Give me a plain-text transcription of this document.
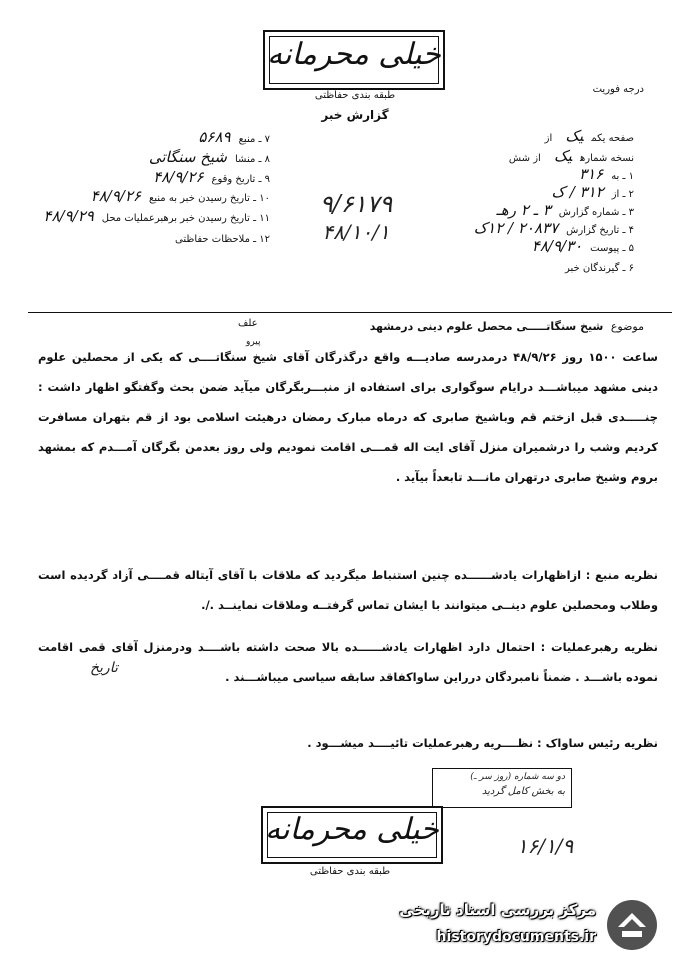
خیلی محرمانه
طبقه بندی حفاظتی
گزارش خبر
درجه فوریت
صفحه یکمیک از
نسخه شمارهیک از شش
۱ ـ به۳۱۶
۲ ـ از۳۱۲ / ک
۳ ـ شماره گزارش۳ ـ ۲ رهـ
۴ ـ تاریخ گزارش۲۰۸۳۷ / ۱۲ک
۵ ـ پیوست۴۸/۹/۳۰
۶ ـ گیرندگان خبر
۷ ـ منبع۵۶۸۹
۸ ـ منشاشیخ سنگاتی
۹ ـ تاریخ وقوع۴۸/۹/۲۶
۱۰ ـ تاریخ رسیدن خبر به منبع۴۸/۹/۲۶
۱۱ ـ تاریخ رسیدن خبر برهبرعملیات محل۴۸/۹/۲۹
۱۲ ـ ملاحظات حفاظتی
۹/۶۱۷۹
۴۸/۱۰/۱
موضوع شیخ سنگاتـــــی محصل علوم دینی درمشهد
علف
پیرو
ساعت ۱۵۰۰ روز ۴۸/۹/۲۶ درمدرسه صادیـــه واقع درگذرگان آقای شیخ سنگاتــــی که یکی از محصلین علوم دینی مشهد میباشـــد درایام سوگواری برای استفاده از منبـــربگرگان میآید ضمن بحث وگفتگو اظهار داشت : چنـــــدی قبل ازختم قم وباشیخ صابری که درماه مبارک رمضان درهیئت اسلامی بود از قم بتهران مسافرت کردیم وشب را درشمیران منزل آقای ایت اله قمـــی اقامت نمودیم ولی روز بعدمن بگرگان آمـــدم که بمشهد بروم وشیخ صابری درتهران مانـــد تابعداً بیآید .
نظریه منبع : ازاظهارات یادشــــــده چنین استنباط میگردید که ملاقات با آقای آیتاله قمــــی آزاد گردیده است وطلاب ومحصلین علوم دینــی میتوانند با ایشان تماس گرفتــه وملاقات نماینــد ./.
نظریه رهبرعملیات : احتمال دارد اظهارات یادشــــــده بالا صحت داشته باشــــد ودرمنزل آقای قمی اقامت نموده باشـــد . ضمناً نامبردگان درراین ساواکفاقد سابقه سیاسی میباشـــند .
تاریخ
نظریه رئیس ساواک : نظــــریه رهبرعملیات تائیــــد میشـــود .
دو سه شماره (روز سر ـ)
به بخش کامل گردید
خیلی محرمانه
طبقه بندی حفاظتی
۱۶/۱/۹
مرکز بررسی اسناد تاریخی
historydocuments.ir
